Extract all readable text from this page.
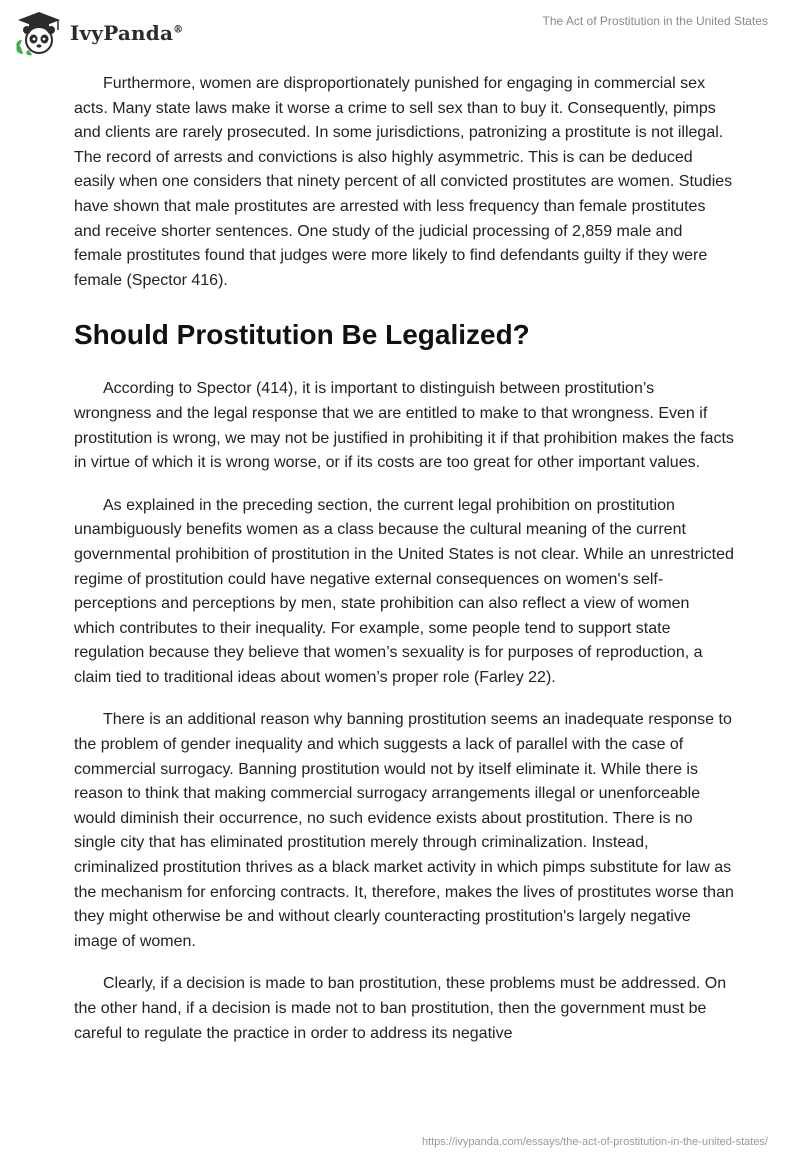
IvyPanda®
The Act of Prostitution in the United States

Furthermore, women are disproportionately punished for engaging in commercial sex acts. Many state laws make it worse a crime to sell sex than to buy it. Consequently, pimps and clients are rarely prosecuted. In some jurisdictions, patronizing a prostitute is not illegal. The record of arrests and convictions is also highly asymmetric. This is can be deduced easily when one considers that ninety percent of all convicted prostitutes are women. Studies have shown that male prostitutes are arrested with less frequency than female prostitutes and receive shorter sentences. One study of the judicial processing of 2,859 male and female prostitutes found that judges were more likely to find defendants guilty if they were female (Spector 416).

Should Prostitution Be Legalized?

According to Spector (414), it is important to distinguish between prostitution’s wrongness and the legal response that we are entitled to make to that wrongness. Even if prostitution is wrong, we may not be justified in prohibiting it if that prohibition makes the facts in virtue of which it is wrong worse, or if its costs are too great for other important values.

As explained in the preceding section, the current legal prohibition on prostitution unambiguously benefits women as a class because the cultural meaning of the current governmental prohibition of prostitution in the United States is not clear. While an unrestricted regime of prostitution could have negative external consequences on women's self-perceptions and perceptions by men, state prohibition can also reflect a view of women which contributes to their inequality. For example, some people tend to support state regulation because they believe that women’s sexuality is for purposes of reproduction, a claim tied to traditional ideas about women’s proper role (Farley 22).

There is an additional reason why banning prostitution seems an inadequate response to the problem of gender inequality and which suggests a lack of parallel with the case of commercial surrogacy. Banning prostitution would not by itself eliminate it. While there is reason to think that making commercial surrogacy arrangements illegal or unenforceable would diminish their occurrence, no such evidence exists about prostitution. There is no single city that has eliminated prostitution merely through criminalization. Instead, criminalized prostitution thrives as a black market activity in which pimps substitute for law as the mechanism for enforcing contracts. It, therefore, makes the lives of prostitutes worse than they might otherwise be and without clearly counteracting prostitution's largely negative image of women.

Clearly, if a decision is made to ban prostitution, these problems must be addressed. On the other hand, if a decision is made not to ban prostitution, then the government must be careful to regulate the practice in order to address its negative

https://ivypanda.com/essays/the-act-of-prostitution-in-the-united-states/
